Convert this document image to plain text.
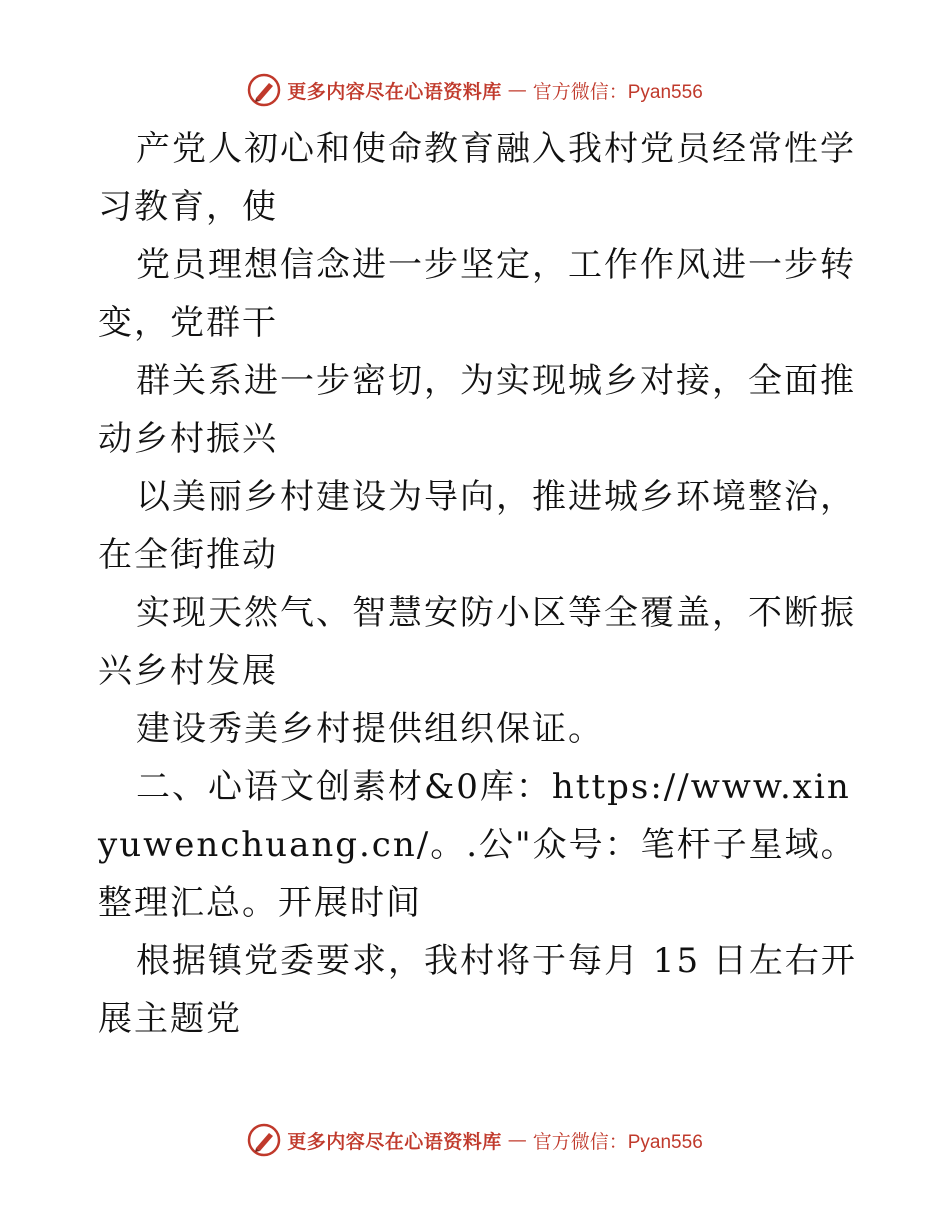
更多内容尽在心语资料库 — 官方微信：Pyan556

产党人初心和使命教育融入我村党员经常性学习教育，使

党员理想信念进一步坚定，工作作风进一步转变，党群干

群关系进一步密切，为实现城乡对接，全面推动乡村振兴

以美丽乡村建设为导向，推进城乡环境整治，在全街推动

实现天然气、智慧安防小区等全覆盖，不断振兴乡村发展

建设秀美乡村提供组织保证。

二、心语文创素材&0库：https://www.xinyuwenchuang.cn/。.公"众号：笔杆子星域。整理汇总。开展时间

根据镇党委要求，我村将于每月 15 日左右开展主题党

更多内容尽在心语资料库 — 官方微信：Pyan556
